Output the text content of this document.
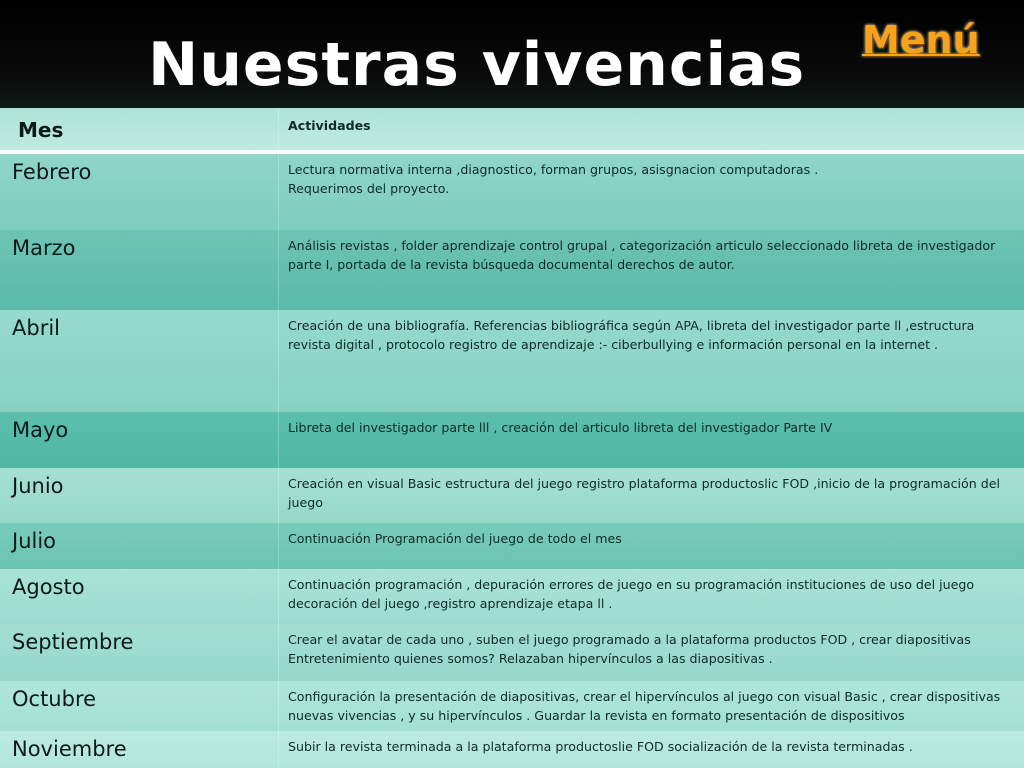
Nuestras vivencias Menú
Mes	Actividades
Febrero	Lectura normativa interna ,diagnostico, forman grupos, asisgnacion computadoras .
Requerimos del proyecto.
Marzo	Análisis revistas , folder aprendizaje control grupal , categorización articulo seleccionado libreta de investigador parte I, portada de la revista búsqueda documental derechos de autor.
Abril	Creación de una bibliografía. Referencias bibliográfica según APA, libreta del investigador parte ll ,estructura revista digital , protocolo registro de aprendizaje :- ciberbullying e información personal en la internet .
Mayo	Libreta del investigador parte lll , creación del articulo libreta del investigador Parte IV
Junio	Creación en visual Basic estructura del juego registro plataforma productoslic FOD ,inicio de la programación del juego
Julio	Continuación Programación del juego de todo el mes
Agosto	Continuación programación , depuración errores de juego en su programación instituciones de uso del juego decoración del juego ,registro aprendizaje etapa ll .
Septiembre	Crear el avatar de cada uno , suben el juego programado a la plataforma productos FOD , crear diapositivas Entretenimiento quienes somos? Relazaban hipervínculos a las diapositivas .
Octubre	Configuración la presentación de diapositivas, crear el hipervínculos al juego con visual Basic , crear dispositivas nuevas vivencias , y su hipervínculos . Guardar la revista en formato presentación de dispositivos
Noviembre	Subir la revista terminada a la plataforma productoslie FOD socialización de la revista terminadas .
